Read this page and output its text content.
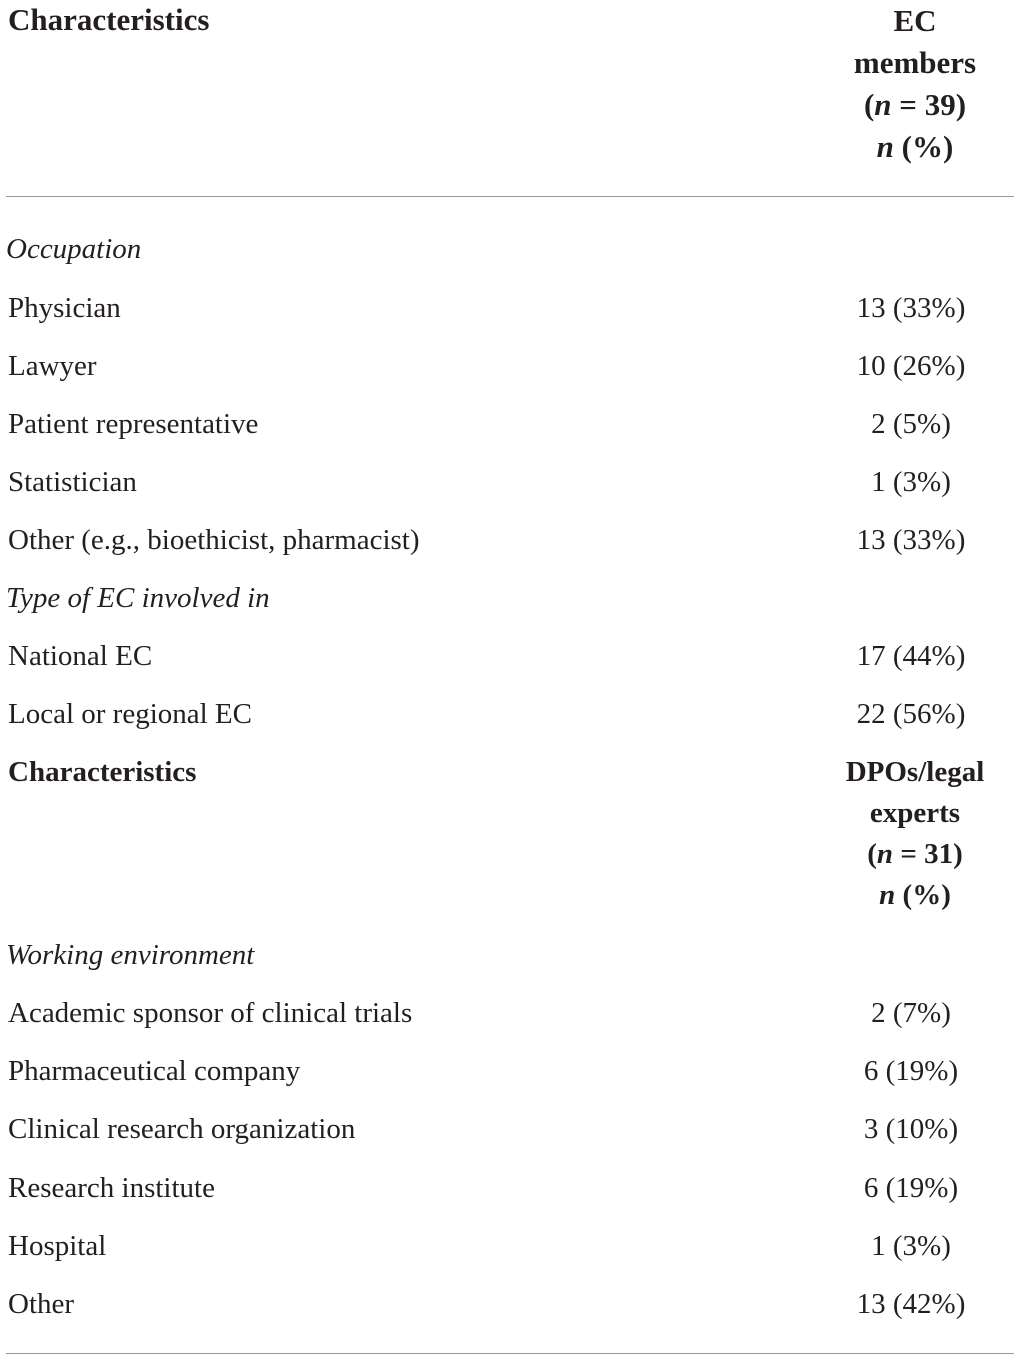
Characteristics	EC
members
(n = 39)
n (%)
Occupation
Physician	13 (33%)
Lawyer	10 (26%)
Patient representative	2 (5%)
Statistician	1 (3%)
Other (e.g., bioethicist, pharmacist)	13 (33%)
Type of EC involved in
National EC	17 (44%)
Local or regional EC	22 (56%)
Characteristics	DPOs/legal
experts
(n = 31)
n (%)
Working environment
Academic sponsor of clinical trials	2 (7%)
Pharmaceutical company	6 (19%)
Clinical research organization	3 (10%)
Research institute	6 (19%)
Hospital	1 (3%)
Other	13 (42%)
